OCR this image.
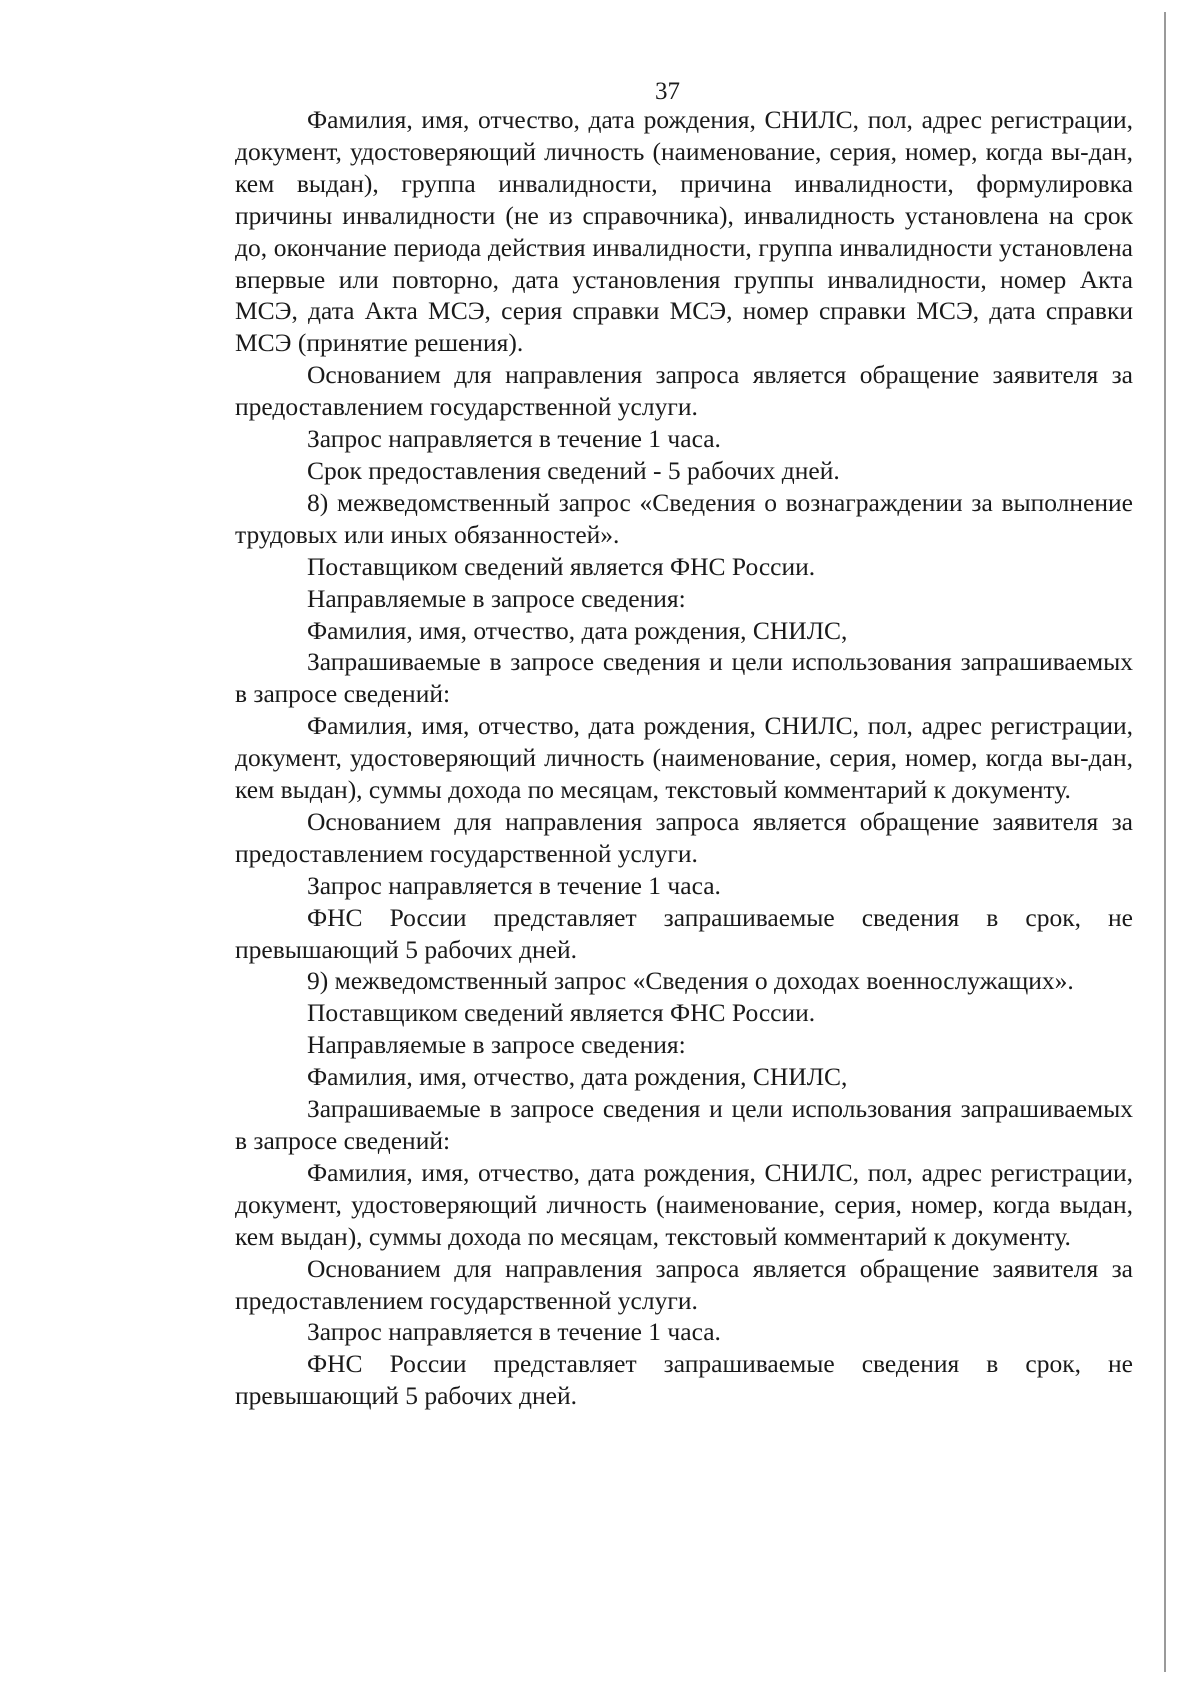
37

Фамилия, имя, отчество, дата рождения, СНИЛС, пол, адрес регистрации, документ, удостоверяющий личность (наименование, серия, номер, когда вы-дан, кем выдан), группа инвалидности, причина инвалидности, формулировка причины инвалидности (не из справочника), инвалидность установлена на срок до, окончание периода действия инвалидности, группа инвалидности установлена впервые или повторно, дата установления группы инвалидности, номер Акта МСЭ, дата Акта МСЭ, серия справки МСЭ, номер справки МСЭ, дата справки МСЭ (принятие решения).

Основанием для направления запроса является обращение заявителя за предоставлением государственной услуги.

Запрос направляется в течение 1 часа.

Срок предоставления сведений - 5 рабочих дней.

8) межведомственный запрос «Сведения о вознаграждении за выполнение трудовых или иных обязанностей».

Поставщиком сведений является ФНС России.

Направляемые в запросе сведения:

Фамилия, имя, отчество, дата рождения, СНИЛС,

Запрашиваемые в запросе сведения и цели использования запрашиваемых в запросе сведений:

Фамилия, имя, отчество, дата рождения, СНИЛС, пол, адрес регистрации, документ, удостоверяющий личность (наименование, серия, номер, когда вы-дан, кем выдан), суммы дохода по месяцам, текстовый комментарий к документу.

Основанием для направления запроса является обращение заявителя за предоставлением государственной услуги.

Запрос направляется в течение 1 часа.

ФНС России представляет запрашиваемые сведения в срок, не превышающий 5 рабочих дней.

9) межведомственный запрос «Сведения о доходах военнослужащих».

Поставщиком сведений является ФНС России.

Направляемые в запросе сведения:

Фамилия, имя, отчество, дата рождения, СНИЛС,

Запрашиваемые в запросе сведения и цели использования запрашиваемых в запросе сведений:

Фамилия, имя, отчество, дата рождения, СНИЛС, пол, адрес регистрации, документ, удостоверяющий личность (наименование, серия, номер, когда выдан, кем выдан), суммы дохода по месяцам, текстовый комментарий к документу.

Основанием для направления запроса является обращение заявителя за предоставлением государственной услуги.

Запрос направляется в течение 1 часа.

ФНС России представляет запрашиваемые сведения в срок, не превышающий 5 рабочих дней.
